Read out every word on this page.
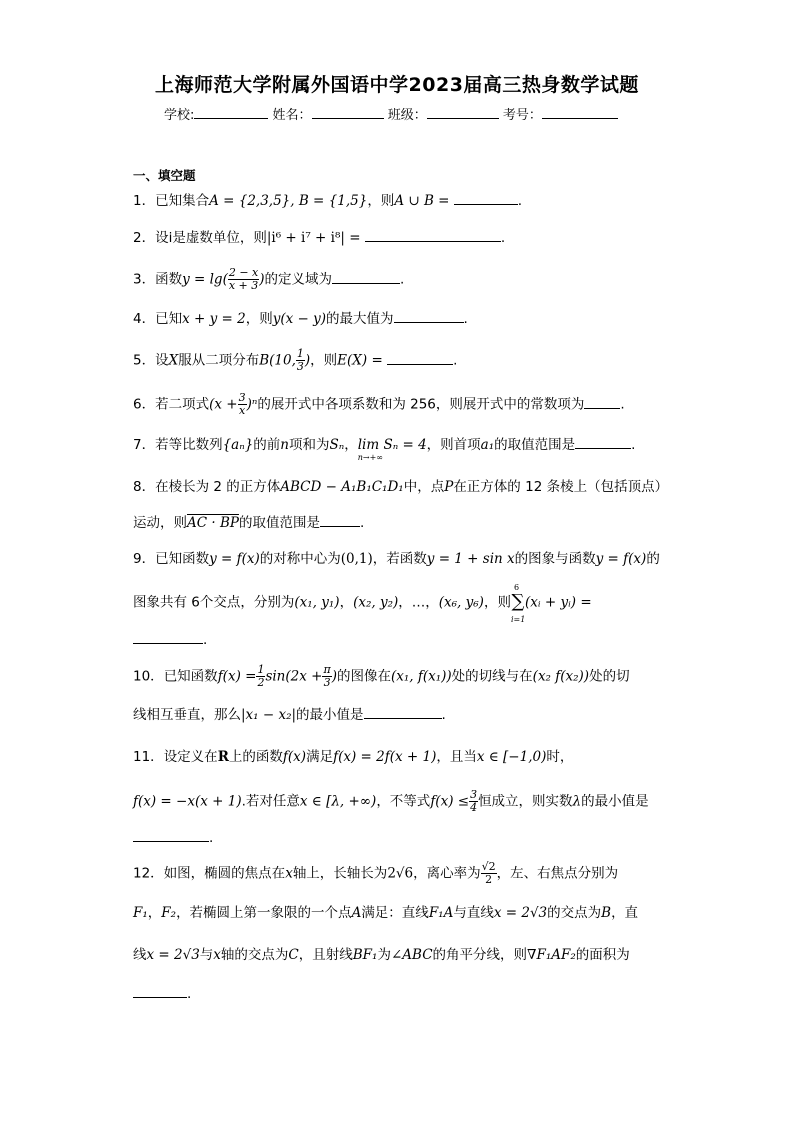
上海师范大学附属外国语中学2023届高三热身数学试题
学校:	姓名：	班级：	考号：
一、填空题
1．已知集合A = {2,3,5}, B = {1,5}，则A ∪ B =	.
2．设i是虚数单位，则|i⁶ + i⁷ + i⁸| =	.
3．函数$y = \lg( \frac{2 - x}{x + 3}$ )的定义域为	.
4．已知x + y = 2，则y(x − y)的最大值为	.
5．设X服从二项分布B(10, $\frac{1}{3}$ )，则E(X) =	.
6．若二项式$(x + \frac{3}{x} )^n$的展开式中各项系数和为 256，则展开式中的常数项为	.
7．若等比数列{aₙ}的前n项和为Sₙ，lim Sₙ = 4
n→+∞
，则首项a₁的取值范围是	.
8．在棱长为 2 的正方体ABCD − A₁B₁C₁D₁中，点P在正方体的 12 条棱上（包括顶点）
运动，则AC · BP的取值范围是	.
9．已知函数y = f(x)的对称中心为(0,1)，若函数y = 1 + sin x的图象与函数y = f(x)的
图象共有 6个交点，分别为(x₁, y₁)，(x₂, y₂)，…，(x₆, y₆)，则
6
∑
i=1
(xᵢ + yᵢ) =
.
10．已知函数$f(x) = \frac{1}{2} \sin(2x + \frac{\pi}{3}$ )的图像在(x₁, f(x₁))处的切线与在(x₂ f(x₂))处的切
线相互垂直，那么|x₁ − x₂|的最小值是	.
11．设定义在R上的函数f(x)满足f(x) = 2f(x + 1)，且当x ∈ [−1,0)时，
f(x) = −x(x + 1).若对任意x ∈ [λ, +∞)，不等式$f(x) \le \frac{3}{4}$ 恒成立，则实数λ的最小值是
.
12．如图，椭圆的焦点在x轴上，长轴长为2√6，离心率为 $\frac{√2}{2}$ ，左、右焦点分别为
F₁，F₂，若椭圆上第一象限的一个点A满足：直线F₁A与直线x = 2√3的交点为B，直
线x = 2√3与x轴的交点为C，且射线BF₁为∠ABC的角平分线，则∇F₁AF₂的面积为
.
